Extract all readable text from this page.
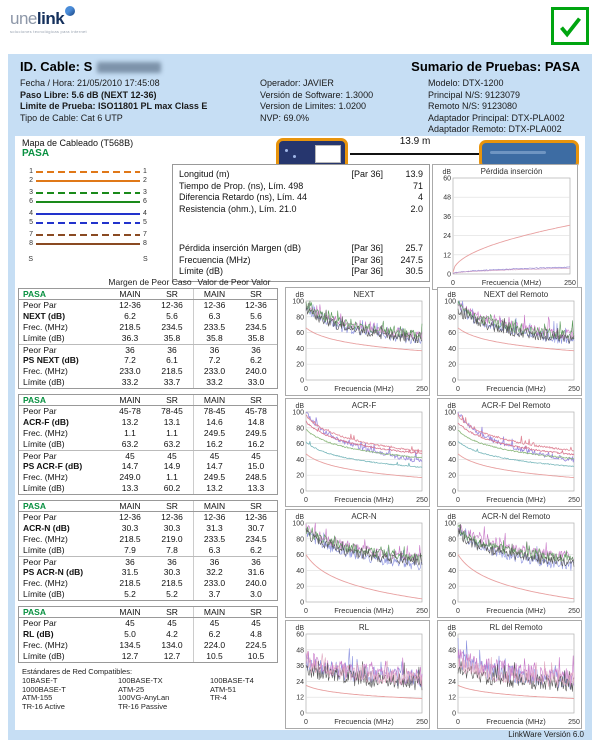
unelink
soluciones tecnológicas para internet
ID. Cable: S	Sumario de Pruebas: PASA
Fecha / Hora: 21/05/2010 17:45:08
Paso Libre: 5.6 dB (NEXT 12-36)
Limite de Prueba: ISO11801 PL max Class E
Tipo de Cable: Cat 6 UTP
Operador: JAVIER
Versión de Software: 1.3000
Version de Limites: 1.0200
NVP: 69.0%
Modelo: DTX-1200
Principal N/S: 9123079
Remoto N/S: 9123080
Adaptador Principal: DTX-PLA002
Adaptador Remoto: DTX-PLA002
LinkWare Versión 6.0
Mapa de Cableado (T568B)
PASA
1	1
2	2
3	3
6	6
4	4
5	5
7	7
8	8
S	S
13.9 m
Longitud (m)	[Par 36]	13.9
Tiempo de Prop. (ns), Lím. 498	71
Diferencia Retardo (ns), Lím. 44	4
Resistencia (ohm.), Lím. 21.0	2.0
Pérdida inserción Margen (dB)	[Par 36]	25.7
Frecuencia (MHz)	[Par 36]	247.5
Límite (dB)	[Par 36]	30.5
dB	Pérdida inserción
0
12
24
36
48
60
0	250
Frecuencia (MHz)
Margen de Peor Caso Valor de Peor Valor
PASA	MAIN	SR	MAIN	SR
Peor Par	12-36	12-36	12-36	12-36
NEXT (dB)	6.2	5.6	6.3	5.6
Frec. (MHz)	218.5	234.5	233.5	234.5
Límite (dB)	36.3	35.8	35.8	35.8
Peor Par	36	36	36	36
PS NEXT (dB)	7.2	6.1	7.2	6.2
Frec. (MHz)	233.0	218.5	233.0	240.0
Límite (dB)	33.2	33.7	33.2	33.0
PASA	MAIN	SR	MAIN	SR
Peor Par	45-78	78-45	78-45	45-78
ACR-F (dB)	13.2	13.1	14.6	14.8
Frec. (MHz)	1.1	1.1	249.5	249.5
Límite (dB)	63.2	63.2	16.2	16.2
Peor Par	45	45	45	45
PS ACR-F (dB)	14.7	14.9	14.7	15.0
Frec. (MHz)	249.0	1.1	249.5	248.5
Límite (dB)	13.3	60.2	13.2	13.3
PASA	MAIN	SR	MAIN	SR
Peor Par	12-36	12-36	12-36	12-36
ACR-N (dB)	30.3	30.3	31.3	30.7
Frec. (MHz)	218.5	219.0	233.5	234.5
Límite (dB)	7.9	7.8	6.3	6.2
Peor Par	36	36	36	36
PS ACR-N (dB)	31.5	30.3	32.2	31.6
Frec. (MHz)	218.5	218.5	233.0	240.0
Límite (dB)	5.2	5.2	3.7	3.0
PASA	MAIN	SR	MAIN	SR
Peor Par	45	45	45	45
RL (dB)	5.0	4.2	6.2	4.8
Frec. (MHz)	134.5	134.0	224.0	224.5
Límite (dB)	12.7	12.7	10.5	10.5
Estándares de Red Compatibles:
10BASE-T
1000BASE-T
ATM-155
TR-16 Active
100BASE-TX
ATM-25
100VG-AnyLan
TR-16 Passive
100BASE-T4
ATM-51
TR-4
dB	NEXT
0
20
40
60
80
100
0	250
Frecuencia (MHz)
dB	NEXT del Remoto
0
20
40
60
80
100
0	250
Frecuencia (MHz)
dB	ACR-F
0
20
40
60
80
100
0	250
Frecuencia (MHz)
dB	ACR-F Del Remoto
0
20
40
60
80
100
0	250
Frecuencia (MHz)
dB	ACR-N
0
20
40
60
80
100
0	250
Frecuencia (MHz)
dB	ACR-N del Remoto
0
20
40
60
80
100
0	250
Frecuencia (MHz)
dB	RL
0
12
24
36
48
60
0	250
Frecuencia (MHz)
dB	RL del Remoto
0
12
24
36
48
60
0	250
Frecuencia (MHz)
